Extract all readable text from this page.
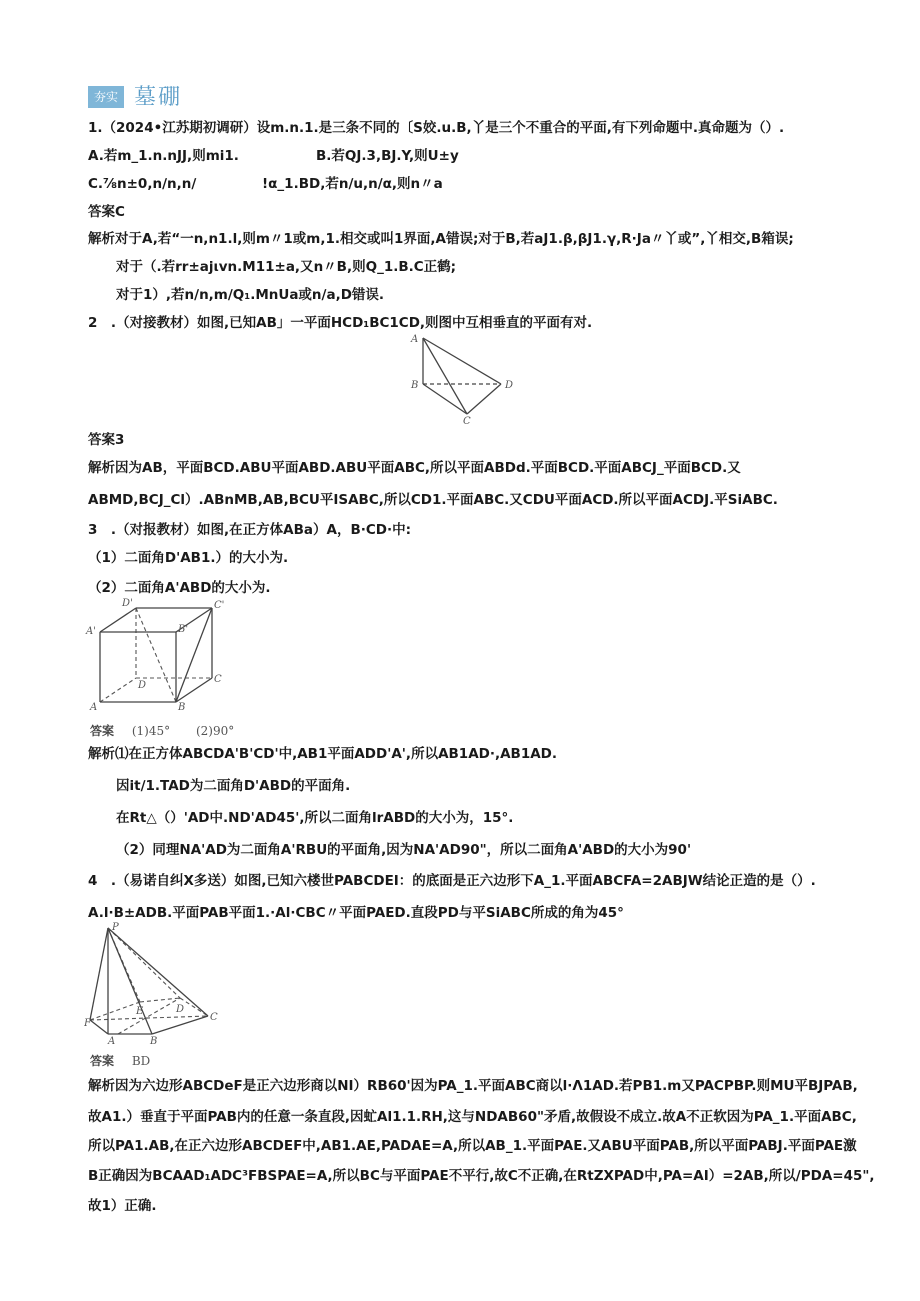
夯实 墓硼
1.（2024•江苏期初调研）设m.n.1.是三条不同的〔S姣.u.B,丫是三个不重合的平面,有下列命题中.真命题为（）.
A.若m_1.n.nJJ,则mi1.	B.若QJ.3,BJ.Y,则U±y
C.⅞n±0,n∕n,n∕	!α_1.BD,若n∕u,n∕α,则n〃a
答案C
解析对于A,若“一n,n1.l,则m〃1或m,1.相交或叫1界面,A错误;对于B,若aJ1.β,βJ1.γ,R·Ja〃丫或”,丫相交,B箱误;
对于（.若rr±ajιvn.M11±a,又n〃B,则Q_1.B.C正鹤;
对于1）,若n∕n,m∕Q₁.MnUa或n∕a,D错误.
2　.（对接教材）如图,已知AB」一平面HCD₁BC1CD,则图中互相垂直的平面有对.
A
B	D
C
答案3
解析因为AB，平面BCD.ABU平面ABD.ABU平面ABC,所以平面ABDd.平面BCD.平面ABCJ_平面BCD.又
ABMD,BCJ_Cl）.ABnMB,AB,BCU平ISABC,所以CD1.平面ABC.又CDU平面ACD.所以平面ACDJ.平SiABC.
3　.（对报教材）如图,在正方体ABa）A，B·CD·中:
（1）二面角D'AB1.）的大小为.
（2）二面角A'ABD的大小为.
D'	C'
A'	B'
D
C
A	B
答案 (1)45° (2)90°
解析⑴在正方体ABCDA'B'CD'中,AB1平面ADD'A',所以AB1AD·,AB1AD.
因it∕1.TAD为二面角D'ABD的平面角.
在Rt△（）'AD中.ND'AD45',所以二面角lrABD的大小为，15°.
（2）同理NA'AD为二面角A'RBU的平面角,因为NA'AD90"，所以二面角A'ABD的大小为90'
4　.（易诺自纠X多送）如图,已知六楼世PABCDEI：的底面是正六边形下A_1.平面ABCFA=2ABJW结论正造的是（）.
A.l·B±ADB.平面PAB平面1.·Al·CBC〃平面PAED.直段PD与平SiABC所成的角为45°
P
F
E	D
C
A	B
答案 BD
解析因为六边形ABCDeF是正六边形商以NI）RB60'因为PA_1.平面ABC商以l·Λ1AD.若PB1.m又PACPBP.则MU平BJPAB,
故A1.）垂直于平面PAB内的任意一条直段,因虻Al1.1.RH,这与NDAB60"矛盾,故假设不成立.故A不正软因为PA_1.平面ABC,
所以PA1.AB,在正六边形ABCDEF中,AB1.AE,PADAE=A,所以AB_1.平面PAE.又ABU平面PAB,所以平面PABJ.平面PAE激
B正确因为BCAAD₁ADC³FBSPAE=A,所以BC与平面PAE不平行,故C不正确,在RtZXPAD中,PA=AI）=2AB,所以∕PDA=45",
故1）正确.
